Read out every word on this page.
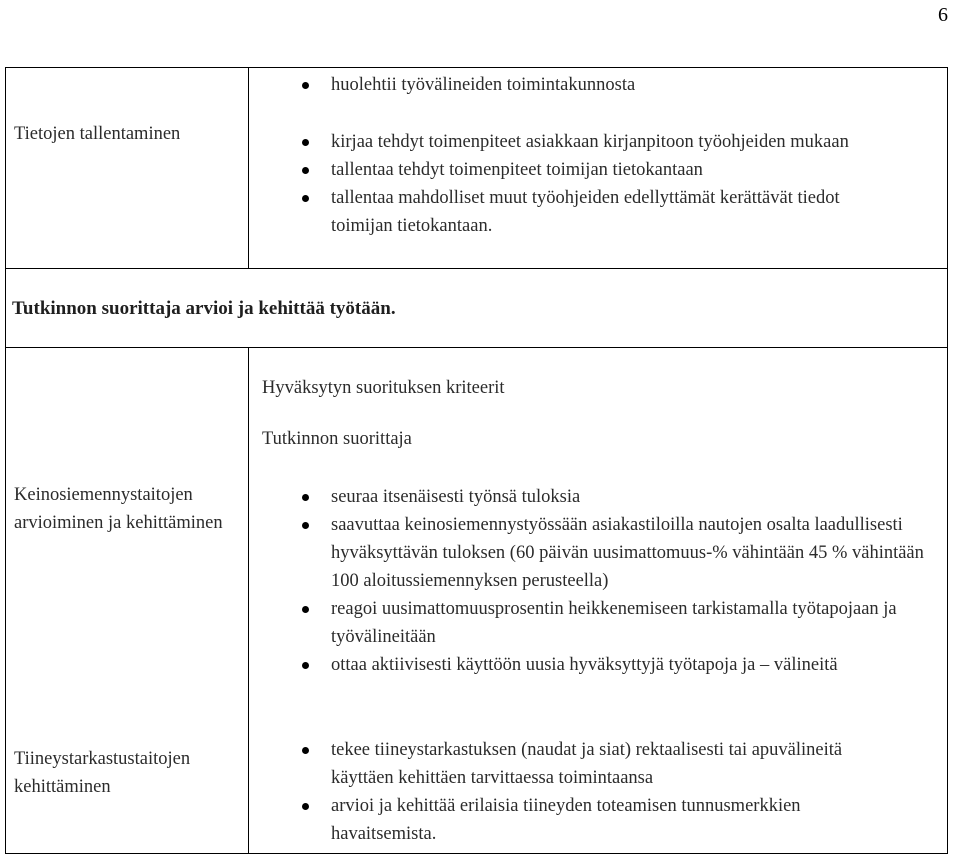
6
Tietojen tallentaminen
huolehtii työvälineiden toimintakunnosta
kirjaa tehdyt toimenpiteet asiakkaan kirjanpitoon työohjeiden mukaan
tallentaa tehdyt toimenpiteet toimijan tietokantaan
tallentaa mahdolliset muut työohjeiden edellyttämät kerättävät tiedot toimijan tietokantaan.
Tutkinnon suorittaja arvioi ja kehittää työtään.
Hyväksytyn suorituksen kriteerit
Tutkinnon suorittaja
Keinosiemennystaitojen arvioiminen ja kehittäminen
seuraa itsenäisesti työnsä tuloksia
saavuttaa keinosiemennystyössään asiakastiloilla nautojen osalta laadullisesti hyväksyttävän tuloksen (60 päivän uusimattomuus-% vähintään 45 % vähintään 100 aloitussiemennyksen perusteella)
reagoi uusimattomuusprosentin heikkenemiseen tarkistamalla työtapojaan ja työvälineitään
ottaa aktiivisesti käyttöön uusia hyväksyttyjä työtapoja ja – välineitä
Tiineystarkastustaitojen kehittäminen
tekee tiineystarkastuksen (naudat ja siat) rektaalisesti tai apuvälineitä käyttäen kehittäen tarvittaessa toimintaansa
arvioi ja kehittää erilaisia tiineyden toteamisen tunnusmerkkien havaitsemista.
